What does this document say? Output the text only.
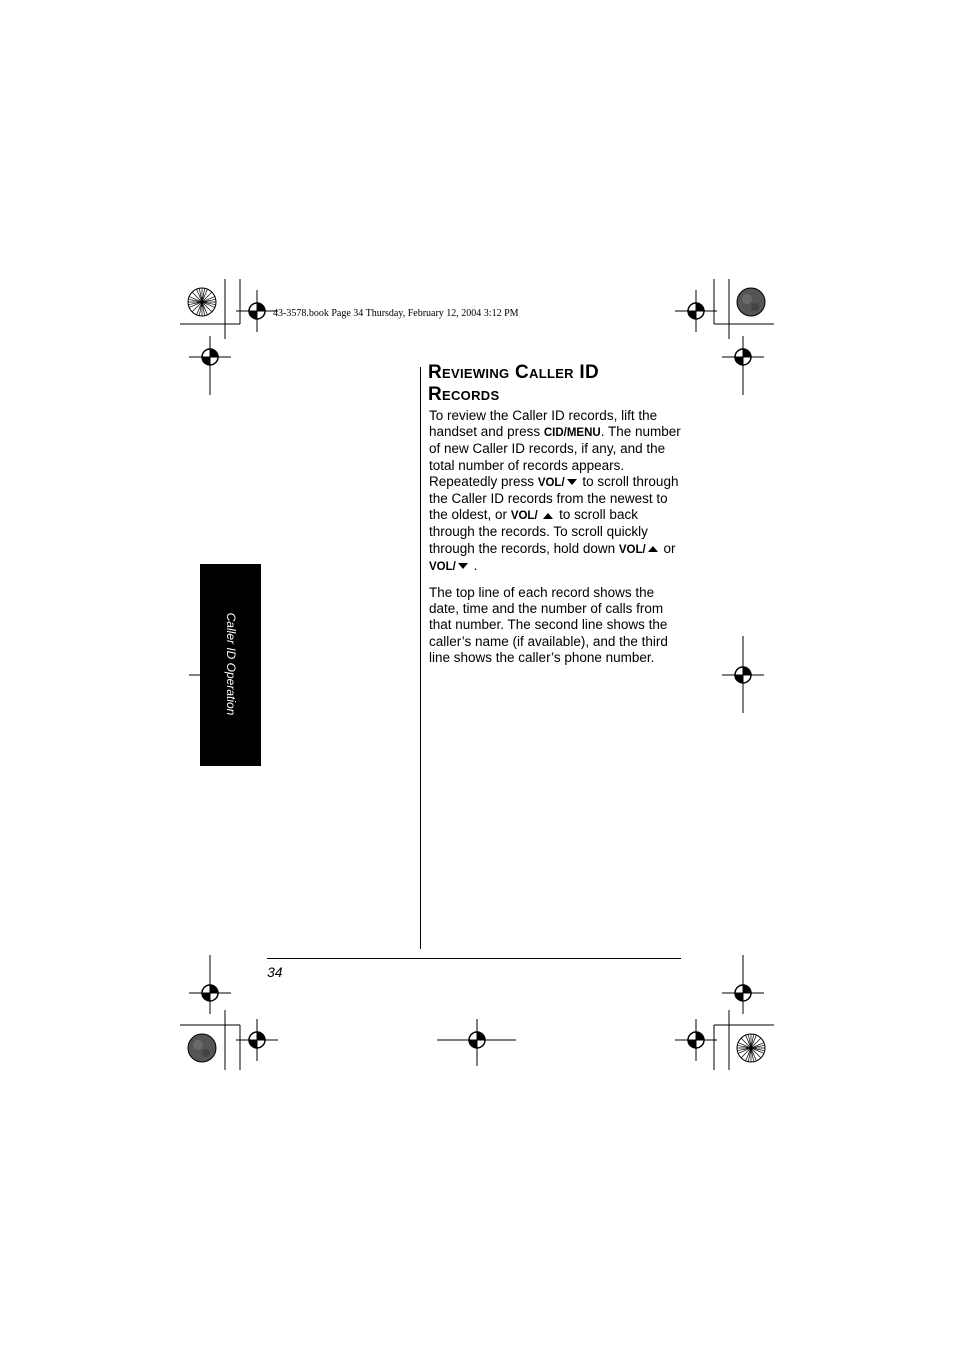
43-3578.book Page 34 Thursday, February 12, 2004 3:12 PM
Caller ID Operation
34
Reviewing Caller ID
Records

To review the Caller ID records, lift the handset and press CID/MENU. The number of new Caller ID records, if any, and the total number of records appears. Repeatedly press VOL/ to scroll through the Caller ID records from the newest to the oldest, or VOL/  to scroll back through the records. To scroll quickly through the records, hold down VOL/ or VOL/ .

The top line of each record shows the date, time and the number of calls from that number. The second line shows the caller’s name (if available), and the third line shows the caller’s phone number.
